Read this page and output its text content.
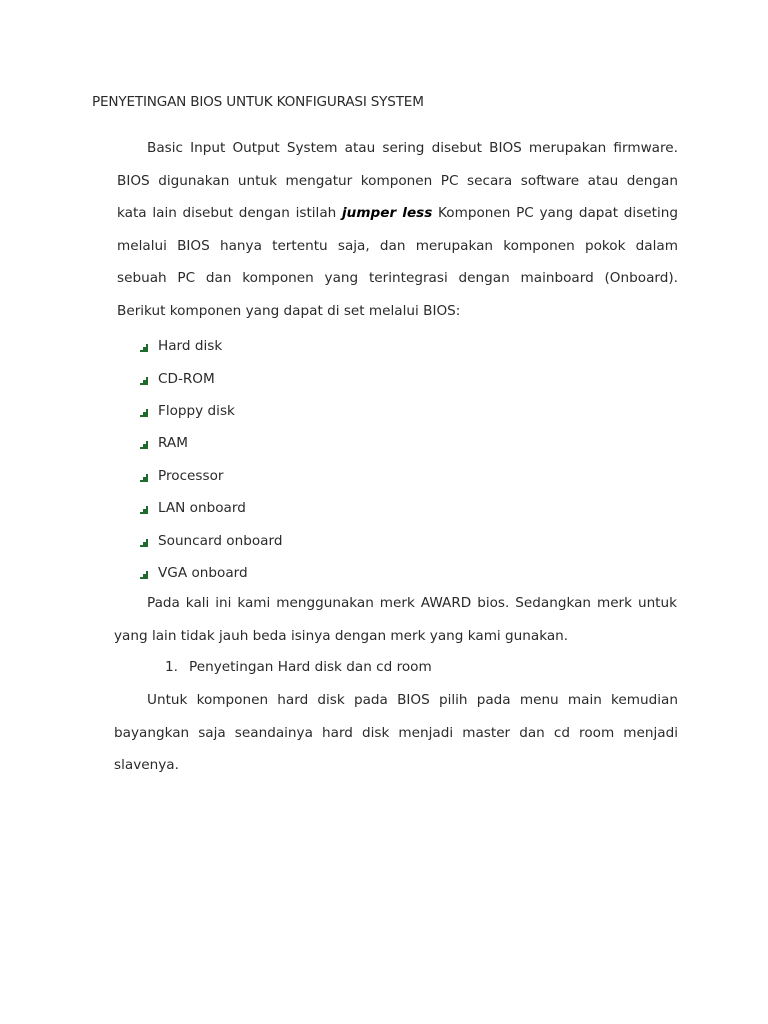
PENYETINGAN BIOS UNTUK KONFIGURASI SYSTEM
Basic Input Output System atau sering disebut BIOS merupakan firmware.
BIOS digunakan untuk mengatur komponen PC secara software atau dengan
kata lain disebut dengan istilah jumper less Komponen PC yang dapat diseting
melalui BIOS hanya tertentu saja, dan merupakan komponen pokok dalam
sebuah PC dan komponen yang terintegrasi dengan mainboard (Onboard).
Berikut komponen yang dapat di set melalui BIOS:
Hard disk
CD-ROM
Floppy disk
RAM
Processor
LAN onboard
Souncard onboard
VGA onboard
Pada kali ini kami menggunakan merk AWARD bios. Sedangkan merk untuk
yang lain tidak jauh beda isinya dengan merk yang kami gunakan.
1. Penyetingan Hard disk dan cd room
Untuk komponen hard disk pada BIOS pilih pada menu main kemudian
bayangkan saja seandainya hard disk menjadi master dan cd room menjadi
slavenya.
